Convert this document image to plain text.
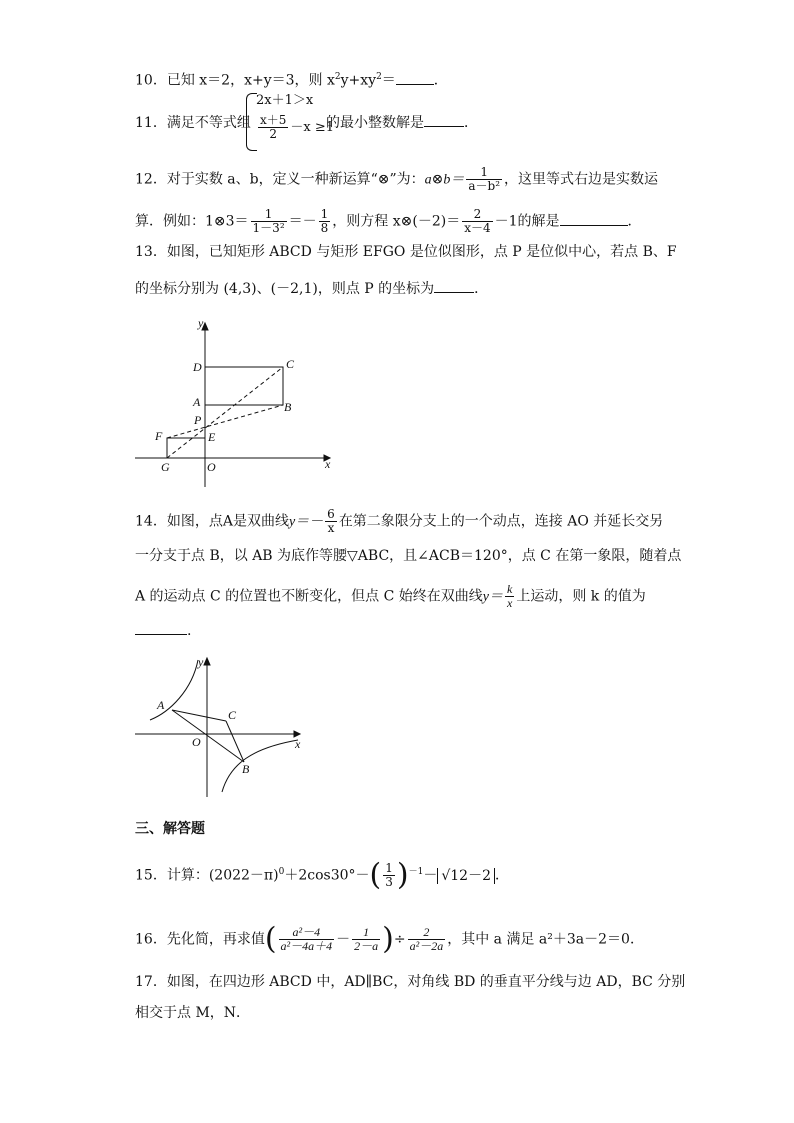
10．已知 x＝2，x+y＝3，则 $x^2y+xy^2=$	．
11．满足不等式组
2x＋1＞x
$\frac{x+5}{2} -x \ge 1$
的最小整数解是	．
12．对于实数 a、b，定义一种新运算“⊗”为：a⊗b＝ $\frac{1}{\text{a－b²}}$ ，这里等式右边是实数运
算．例如：1⊗3＝ $\frac{1}{\text{1－3²}} =- \frac{1}{8}$ ，则方程 x⊗(－2)＝ $\frac{2}{x-4} -1$的解是	．
13．如图，已知矩形 ABCD 与矩形 EFGO 是位似图形，点 P 是位似中心，若点 B、F
的坐标分别为 (4,3)、(－2,1)，则点 P 的坐标为	．
y
x
D	C
A	B
P
F	E
G	O
14．如图，点A是双曲线$y=- \frac{6}{x}$ 在第二象限分支上的一个动点，连接 AO 并延长交另
一分支于点 B，以 AB 为底作等腰▽ABC，且∠ACB＝120°，点 C 在第一象限，随着点
A 的运动点 C 的位置也不断变化，但点 C 始终在双曲线$y= \frac{k}{x}$ 上运动，则 k 的值为
.
y
x
A
C
O
B
三、解答题
15．计算：$(2022-\pi)^0+2\cos 30^\circ-( \frac{1}{3} )^{-1}- √12-2$ ．
16．先化简，再求值( $\frac{\text{a²－4}}{\text{a²－4a＋4}} - \frac{1}{2-a}$ )÷ $\frac{2}{\text{a²－2a}}$ ，其中 a 满足 a²＋3a－2＝0．
17．如图，在四边形 ABCD 中，AD∥BC，对角线 BD 的垂直平分线与边 AD，BC 分别
相交于点 M，N．
